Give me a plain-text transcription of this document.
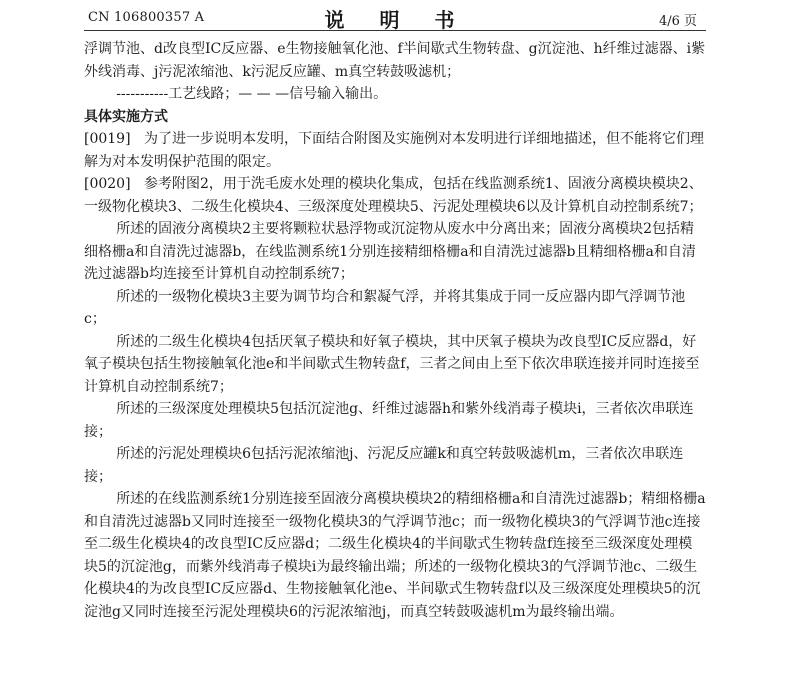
CN 106800357 A	说 明 书	4/6 页

浮调节池、d改良型IC反应器、e生物接触氧化池、f半间歇式生物转盘、g沉淀池、h纤维过滤器、i紫外线消毒、j污泥浓缩池、k污泥反应罐、m真空转鼓吸滤机；

-----------工艺线路；— — —信号输入输出。

具体实施方式

[0019] 为了进一步说明本发明，下面结合附图及实施例对本发明进行详细地描述，但不能将它们理解为对本发明保护范围的限定。

[0020] 参考附图2，用于洗毛废水处理的模块化集成，包括在线监测系统1、固液分离模块模块2、一级物化模块3、二级生化模块4、三级深度处理模块5、污泥处理模块6以及计算机自动控制系统7；

所述的固液分离模块2主要将颗粒状悬浮物或沉淀物从废水中分离出来；固液分离模块2包括精细格栅a和自清洗过滤器b，在线监测系统1分别连接精细格栅a和自清洗过滤器b且精细格栅a和自清洗过滤器b均连接至计算机自动控制系统7；

所述的一级物化模块3主要为调节均合和絮凝气浮，并将其集成于同一反应器内即气浮调节池c；

所述的二级生化模块4包括厌氧子模块和好氧子模块，其中厌氧子模块为改良型IC反应器d，好氧子模块包括生物接触氧化池e和半间歇式生物转盘f，三者之间由上至下依次串联连接并同时连接至计算机自动控制系统7；

所述的三级深度处理模块5包括沉淀池g、纤维过滤器h和紫外线消毒子模块i，三者依次串联连接；

所述的污泥处理模块6包括污泥浓缩池j、污泥反应罐k和真空转鼓吸滤机m，三者依次串联连接；

所述的在线监测系统1分别连接至固液分离模块模块2的精细格栅a和自清洗过滤器b；精细格栅a和自清洗过滤器b又同时连接至一级物化模块3的气浮调节池c；而一级物化模块3的气浮调节池c连接至二级生化模块4的改良型IC反应器d；二级生化模块4的半间歇式生物转盘f连接至三级深度处理模块5的沉淀池g，而紫外线消毒子模块i为最终输出端；所述的一级物化模块3的气浮调节池c、二级生化模块4的为改良型IC反应器d、生物接触氧化池e、半间歇式生物转盘f以及三级深度处理模块5的沉淀池g又同时连接至污泥处理模块6的污泥浓缩池j，而真空转鼓吸滤机m为最终输出端。
